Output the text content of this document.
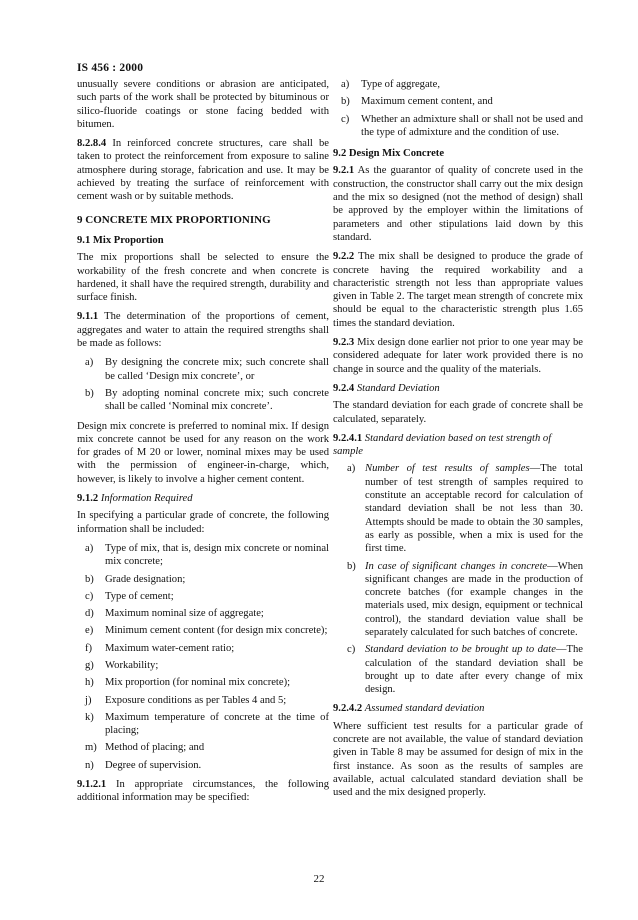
IS 456 : 2000

unusually severe conditions or abrasion are anticipated, such parts of the work shall be protected by bituminous or silico-fluoride coatings or stone facing bedded with bitumen.

8.2.8.4 In reinforced concrete structures, care shall be taken to protect the reinforcement from exposure to saline atmosphere during storage, fabrication and use. It may be achieved by treating the surface of reinforcement with cement wash or by suitable methods.

9 CONCRETE MIX PROPORTIONING
9.1 Mix Proportion

The mix proportions shall be selected to ensure the workability of the fresh concrete and when concrete is hardened, it shall have the required strength, durability and surface finish.

9.1.1 The determination of the proportions of cement, aggregates and water to attain the required strengths shall be made as follows:

a) By designing the concrete mix; such concrete shall be called ‘Design mix concrete’, or
b) By adopting nominal concrete mix; such concrete shall be called ‘Nominal mix concrete’.

Design mix concrete is preferred to nominal mix. If design mix concrete cannot be used for any reason on the work for grades of M 20 or lower, nominal mixes may be used with the permission of engineer-in-charge, which, however, is likely to involve a higher cement content.

9.1.2 Information Required

In specifying a particular grade of concrete, the following information shall be included:

a) Type of mix, that is, design mix concrete or nominal mix concrete;
b) Grade designation;
c) Type of cement;
d) Maximum nominal size of aggregate;
e) Minimum cement content (for design mix concrete);
f) Maximum water-cement ratio;
g) Workability;
h) Mix proportion (for nominal mix concrete);
j) Exposure conditions as per Tables 4 and 5;
k) Maximum temperature of concrete at the time of placing;
m) Method of placing; and
n) Degree of supervision.

9.1.2.1 In appropriate circumstances, the following additional information may be specified:

a) Type of aggregate,
b) Maximum cement content, and
c) Whether an admixture shall or shall not be used and the type of admixture and the condition of use.
9.2 Design Mix Concrete

9.2.1 As the guarantor of quality of concrete used in the construction, the constructor shall carry out the mix design and the mix so designed (not the method of design) shall be approved by the employer within the limitations of parameters and other stipulations laid down by this standard.

9.2.2 The mix shall be designed to produce the grade of concrete having the required workability and a characteristic strength not less than appropriate values given in Table 2. The target mean strength of concrete mix should be equal to the characteristic strength plus 1.65 times the standard deviation.

9.2.3 Mix design done earlier not prior to one year may be considered adequate for later work provided there is no change in source and the quality of the materials.

9.2.4 Standard Deviation

The standard deviation for each grade of concrete shall be calculated, separately.

9.2.4.1 Standard deviation based on test strength of sample
a) Number of test results of samples—The total number of test strength of samples required to constitute an acceptable record for calculation of standard deviation shall be not less than 30. Attempts should be made to obtain the 30 samples, as early as possible, when a mix is used for the first time.
b) In case of significant changes in concrete—When significant changes are made in the production of concrete batches (for example changes in the materials used, mix design, equipment or technical control), the standard deviation value shall be separately calculated for such batches of concrete.
c) Standard deviation to be brought up to date—The calculation of the standard deviation shall be brought up to date after every change of mix design.
9.2.4.2 Assumed standard deviation

Where sufficient test results for a particular grade of concrete are not available, the value of standard deviation given in Table 8 may be assumed for design of mix in the first instance. As soon as the results of samples are available, actual calculated standard deviation shall be used and the mix designed properly.

22
